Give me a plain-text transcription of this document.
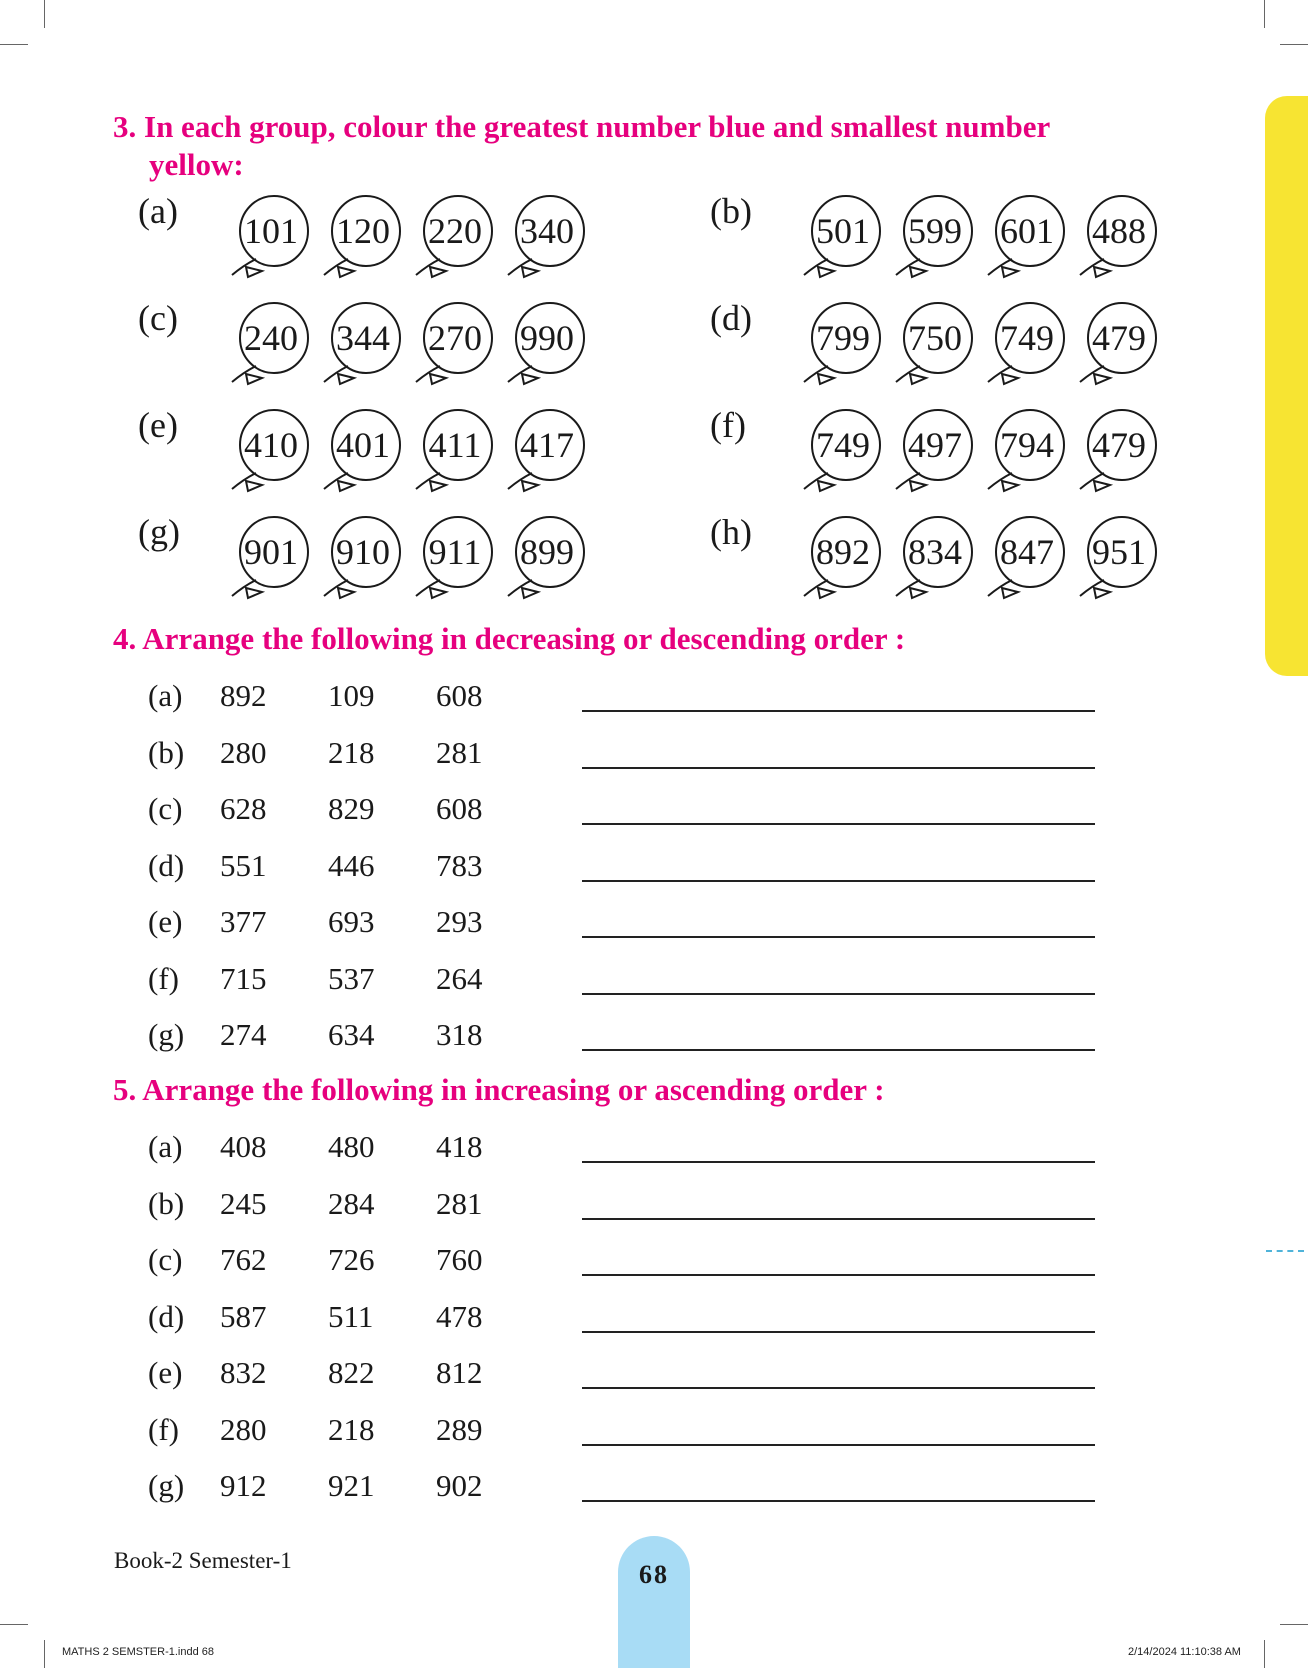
3. In each group, colour the greatest number blue and smallest number
yellow:

(a)	101 120 220 340	(b)	501 599 601 488
(c)	240 344 270 990	(d)	799 750 749 479
(e)	410 401 411 417	(f)	749 497 794 479
(g)	901 910 911 899	(h)	892 834 847 951

4. Arrange the following in decreasing or descending order :

(a)	892	109	608
(b)	280	218	281
(c)	628	829	608
(d)	551	446	783
(e)	377	693	293
(f)	715	537	264
(g)	274	634	318

5. Arrange the following in increasing or ascending order :

(a)	408	480	418
(b)	245	284	281
(c)	762	726	760
(d)	587	511	478
(e)	832	822	812
(f)	280	218	289
(g)	912	921	902
Book-2 Semester-1	68
MATHS 2 SEMSTER-1.indd 68	2/14/2024 11:10:38 AM
